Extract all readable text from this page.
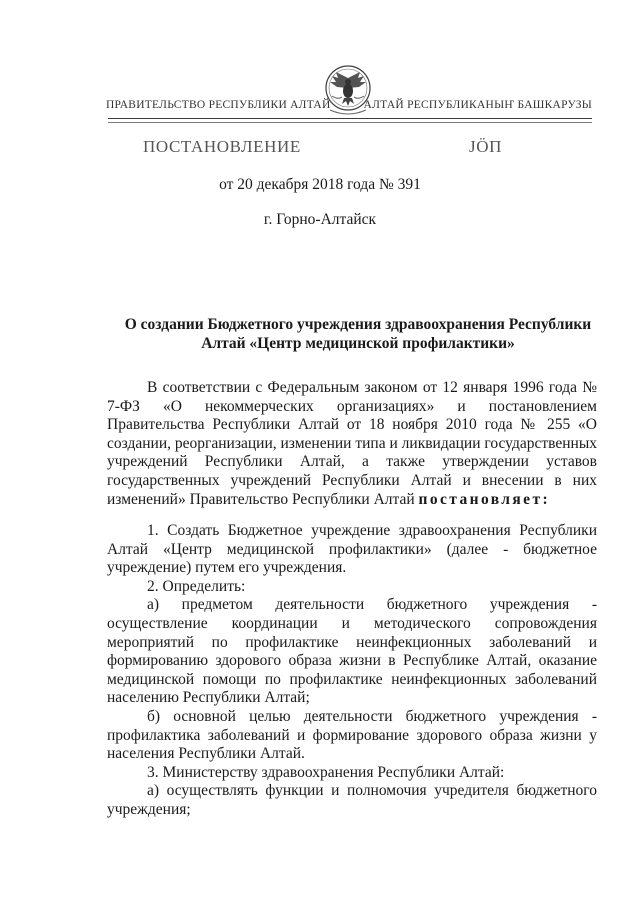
ПРАВИТЕЛЬСТВО РЕСПУБЛИКИ АЛТАЙ	АЛТАЙ РЕСПУБЛИКАНЫҤ БАШКАРУЗЫ
ПОСТАНОВЛЕНИЕ	ЈӦП
от 20 декабря 2018 года № 391
г. Горно-Алтайск
О создании Бюджетного учреждения здравоохранения Республики Алтай «Центр медицинской профилактики»

В соответствии с Федеральным законом от 12 января 1996 года № 7-ФЗ «О некоммерческих организациях» и постановлением Правительства Республики Алтай от 18 ноября 2010 года № 255 «О создании, реорганизации, изменении типа и ликвидации государственных учреждений Республики Алтай, а также утверждении уставов государственных учреждений Республики Алтай и внесении в них изменений» Правительство Республики Алтай постановляет:

1. Создать Бюджетное учреждение здравоохранения Республики Алтай «Центр медицинской профилактики» (далее - бюджетное учреждение) путем его учреждения.

2. Определить:

а) предметом деятельности бюджетного учреждения - осуществление координации и методического сопровождения мероприятий по профилактике неинфекционных заболеваний и формированию здорового образа жизни в Республике Алтай, оказание медицинской помощи по профилактике неинфекционных заболеваний населению Республики Алтай;

б) основной целью деятельности бюджетного учреждения - профилактика заболеваний и формирование здорового образа жизни у населения Республики Алтай.

3. Министерству здравоохранения Республики Алтай:

а) осуществлять функции и полномочия учредителя бюджетного учреждения;
